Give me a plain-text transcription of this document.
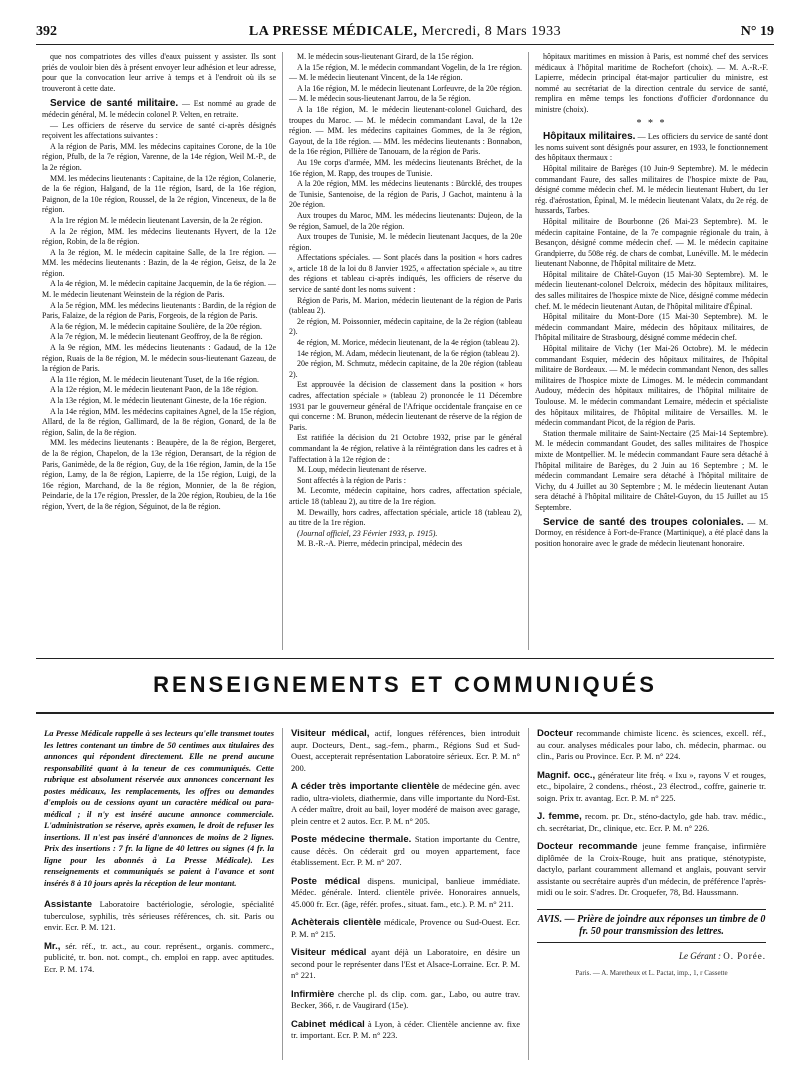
392	LA PRESSE MÉDICALE, Mercredi, 8 Mars 1933	N° 19

que nos compatriotes des villes d'eaux puissent y assister. Ils sont priés de vouloir bien dès à présent envoyer leur adhésion et leur adresse, pour que la convocation leur arrive à temps et à l'endroit où ils se trouveront à cette date.

Service de santé militaire. — Est nommé au grade de médecin général, M. le médecin colonel P. Velten, en retraite.

— Les officiers de réserve du service de santé ci-après désignés reçoivent les affectations suivantes :

A la région de Paris, MM. les médecins capitaines Corone, de la 10e région, Pfulb, de la 7e région, Varenne, de la 14e région, Weil M.-P., de la 2e région.

MM. les médecins lieutenants : Capitaine, de la 12e région, Colanerie, de la 6e région, Halgand, de la 11e région, Isard, de la 16e région, Paignon, de la 10e région, Roussel, de la 2e région, Vinceneux, de la 8e région.

A la 1re région M. le médecin lieutenant Laversin, de la 2e région.

A la 2e région, MM. les médecins lieutenants Hyvert, de la 12e région, Robin, de la 8e région.

A la 3e région, M. le médecin capitaine Salle, de la 1re région. — MM. les médecins lieutenants : Bazin, de la 4e région, Geisz, de la 2e région.

A la 4e région, M. le médecin capitaine Jacquemin, de la 6e région. — M. le médecin lieutenant Weinstein de la région de Paris.

A la 5e région, MM. les médecins lieutenants : Bardin, de la région de Paris, Falaize, de la région de Paris, Forgeois, de la région de Paris.

A la 6e région, M. le médecin capitaine Soulière, de la 20e région.

A la 7e région, M. le médecin lieutenant Geoffroy, de la 8e région.

A la 9e région, MM. les médecins lieutenants : Gadaud, de la 12e région, Ruais de la 8e région, M. le médecin sous-lieutenant Gazeau, de la région de Paris.

A la 11e région, M. le médecin lieutenant Tuset, de la 16e région.

A la 12e région, M. le médecin lieutenant Paon, de la 18e région.

A la 13e région, M. le médecin lieutenant Gineste, de la 16e région.

A la 14e région, MM. les médecins capitaines Agnel, de la 15e région, Allard, de la 8e région, Gallimard, de la 8e région, Gonard, de la 8e région, Salin, de la 8e région.

MM. les médecins lieutenants : Beaupère, de la 8e région, Bergeret, de la 8e région, Chapelon, de la 13e région, Deransart, de la région de Paris, Ganimède, de la 8e région, Guy, de la 16e région, Jamin, de la 15e région, Lamy, de la 8e région, Lapierre, de la 15e région, Luigi, de la 16e région, Marchand, de la 8e région, Monnier, de la 8e région, Peindarie, de la 17e région, Pressler, de la 20e région, Roubieu, de la 16e région, Yvert, de la 8e région, Séguinot, de la 8e région.

M. le médecin sous-lieutenant Girard, de la 15e région.

A la 15e région, M. le médecin commandant Vogelin, de la 1re région. — M. le médecin lieutenant Vincent, de la 14e région.

A la 16e région, M. le médecin lieutenant Lorfeuvre, de la 20e région. — M. le médecin sous-lieutenant Jarrou, de la 5e région.

A la 18e région, M. le médecin lieutenant-colonel Guichard, des troupes du Maroc. — M. le médecin commandant Laval, de la 12e région. — MM. les médecins capitaines Gommes, de la 3e région, Gayout, de la 18e région. — MM. les médecins lieutenants : Bonnabon, de la 16e région, Pillière de Tanouarn, de la région de Paris.

Au 19e corps d'armée, MM. les médecins lieutenants Bréchet, de la 16e région, M. Rapp, des troupes de Tunisie.

A la 20e région, MM. les médecins lieutenants : Bürcklé, des troupes de Tunisie, Santenoise, de la région de Paris, J Gachot, maintenu à la 20e région.

Aux troupes du Maroc, MM. les médecins lieutenants: Dujeon, de la 9e région, Samuel, de la 20e région.

Aux troupes de Tunisie, M. le médecin lieutenant Jacques, de la 20e région.

Affectations spéciales. — Sont placés dans la position « hors cadres », article 18 de la loi du 8 Janvier 1925, « affectation spéciale », au titre des régions et tableau ci-après indiqués, les officiers de réserve du service de santé dont les noms suivent :

Région de Paris, M. Marion, médecin lieutenant de la région de Paris (tableau 2).

2e région, M. Poissonnier, médecin capitaine, de la 2e région (tableau 2).

4e région, M. Morice, médecin lieutenant, de la 4e région (tableau 2).

14e région, M. Adam, médecin lieutenant, de la 6e région (tableau 2).

20e région, M. Schmutz, médecin capitaine, de la 20e région (tableau 2).

Est approuvée la décision de classement dans la position « hors cadres, affectation spéciale » (tableau 2) prononcée le 11 Décembre 1931 par le gouverneur général de l'Afrique occidentale française en ce qui concerne : M. Brunon, médecin lieutenant de réserve de la région de Paris.

Est ratifiée la décision du 21 Octobre 1932, prise par le général commandant la 4e région, relative à la réintégration dans les cadres et à l'affectation à la 12e région de :

M. Loup, médecin lieutenant de réserve.

Sont affectés à la région de Paris :

M. Lecomte, médecin capitaine, hors cadres, affectation spéciale, article 18 (tableau 2), au titre de la 1re région.

M. Dewailly, hors cadres, affectation spéciale, article 18 (tableau 2), au titre de la 1re région.

(Journal officiel, 23 Février 1933, p. 1915).

M. B.-R.-A. Pierre, médecin principal, médecin des

hôpitaux maritimes en mission à Paris, est nommé chef des services médicaux à l'hôpital maritime de Rochefort (choix). — M. A.-R.-F. Lapierre, médecin principal état-major particulier du ministre, est nommé au secrétariat de la direction centrale du service de santé, remplira en même temps les fonctions d'officier d'ordonnance du ministre (choix).

* * *

Hôpitaux militaires. — Les officiers du service de santé dont les noms suivent sont désignés pour assurer, en 1933, le fonctionnement des hôpitaux thermaux :

Hôpital militaire de Barèges (10 Juin-9 Septembre). M. le médecin commandant Faure, des salles militaires de l'hospice mixte de Pau, désigné comme médecin chef. M. le médecin lieutenant Hubert, du 1er rég. d'aérostation, Épinal, M. le médecin lieutenant Valatx, du 2e rég. de hussards, Tarbes.

Hôpital militaire de Bourbonne (26 Mai-23 Septembre). M. le médecin capitaine Fontaine, de la 7e compagnie régionale du train, à Besançon, désigné comme médecin chef. — M. le médecin capitaine Grandpierre, du 508e rég. de chars de combat, Lunéville. M. le médecin lieutenant Nabonne, de l'hôpital militaire de Metz.

Hôpital militaire de Châtel-Guyon (15 Mai-30 Septembre). M. le médecin lieutenant-colonel Delcroix, médecin des hôpitaux militaires, des salles militaires de l'hospice mixte de Nice, désigné comme médecin chef. M. le médecin lieutenant Autan, de l'hôpital militaire d'Épinal.

Hôpital militaire du Mont-Dore (15 Mai-30 Septembre). M. le médecin commandant Maire, médecin des hôpitaux militaires, de l'hôpital militaire de Strasbourg, désigné comme médecin chef.

Hôpital militaire de Vichy (1er Mai-26 Octobre). M. le médecin commandant Esquier, médecin des hôpitaux militaires, de l'hôpital militaire de Bordeaux. — M. le médecin commandant Nenon, des salles militaires de l'hospice mixte de Limoges. M. le médecin commandant Audouy, médecin des hôpitaux militaires, de l'hôpital militaire de Toulouse. M. le médecin commandant Lemaire, médecin et spécialiste des hôpitaux militaires, de l'hôpital militaire de Versailles. M. le médecin commandant Picot, de la région de Paris.

Station thermale militaire de Saint-Nectaire (25 Mai-14 Septembre). M. le médecin commandant Goudet, des salles militaires de l'hospice mixte de Montpellier. M. le médecin commandant Faure sera détaché à l'hôpital militaire de Barèges, du 2 Juin au 16 Septembre ; M. le médecin commandant Lemaire sera détaché à l'hôpital militaire de Vichy, du 4 Juillet au 30 Septembre ; M. le médecin lieutenant Autan sera détaché à l'hôpital militaire de Châtel-Guyon, du 15 Juillet au 15 Septembre.

Service de santé des troupes coloniales. — M. Dormoy, en résidence à Fort-de-France (Martinique), a été placé dans la position honoraire avec le grade de médecin lieutenant honoraire.

RENSEIGNEMENTS ET COMMUNIQUÉS

La Presse Médicale rappelle à ses lecteurs qu'elle transmet toutes les lettres contenant un timbre de 50 centimes aux titulaires des annonces qui répondent directement. Elle ne prend aucune responsabilité quant à la teneur de ces communiqués. Cette rubrique est absolument réservée aux annonces concernant les postes médicaux, les remplacements, les offres ou demandes d'emplois ou de cessions ayant un caractère médical ou para-médical ; il n'y est inséré aucune annonce commerciale. L'administration se réserve, après examen, le droit de refuser les insertions. Il n'est pas inséré d'annonces de moins de 2 lignes. Prix des insertions : 7 fr. la ligne de 40 lettres ou signes (4 fr. la ligne pour les abonnés à La Presse Médicale). Les renseignements et communiqués se paient à l'avance et sont insérés 8 à 10 jours après la réception de leur montant.

Assistante Laboratoire bactériologie, sérologie, spécialité tuberculose, syphilis, très sérieuses références, ch. sit. Paris ou envir. Ecr. P. M. 121.

Mr., sér. réf., tr. act., au cour. représent., organis. commerc., publicité, tr. bon. not. compt., ch. emploi en rapp. avec aptitudes. Ecr. P. M. 174.

Visiteur médical, actif, longues références, bien introduit aupr. Docteurs, Dent., sag.-fem., pharm., Régions Sud et Sud-Ouest, accepterait représentation Laboratoire sérieux. Ecr. P. M. n° 200.

A céder très importante clientèle de médecine gén. avec radio, ultra-violets, diathermie, dans ville importante du Nord-Est. A céder maître, droit au bail, loyer modéré de maison avec garage, plein centre et 2 autos. Ecr. P. M. n° 205.

Poste médecine thermale. Station importante du Centre, cause décès. On céderait grd ou moyen appartement, face établissement. Ecr. P. M. n° 207.

Poste médical dispens. municipal, banlieue immédiate. Médec. générale. Interd. clientèle privée. Honoraires annuels, 45.000 fr. Ecr. (âge, référ. profes., situat. fam., etc.). P. M. n° 211.

Achèterais clientèle médicale, Provence ou Sud-Ouest. Ecr. P. M. n° 215.

Visiteur médical ayant déjà un Laboratoire, en désire un second pour le représenter dans l'Est et Alsace-Lorraine. Ecr. P. M. n° 221.

Infirmière cherche pl. ds clip. com. gar., Labo, ou autre trav. Becker, 366, r. de Vaugirard (15e).

Cabinet médical à Lyon, à céder. Clientèle ancienne av. fixe tr. important. Ecr. P. M. n° 223.

Docteur recommande chimiste licenc. ès sciences, excell. réf., au cour. analyses médicales pour labo, ch. médecin, pharmac. ou clin., Paris ou Province. Ecr. P. M. n° 224.

Magnif. occ., générateur lite fréq. « Ixu », rayons V et rouges, etc., bipolaire, 2 condens., rhéost., 23 électrod., coffre, gainerie tr. soign. Prix tr. avantag. Ecr. P. M. n° 225.

J. femme, recom. pr. Dr., sténo-dactylo, gde hab. trav. médic., ch. secrétariat, Dr., clinique, etc. Ecr. P. M. n° 226.

Docteur recommande jeune femme française, infirmière diplômée de la Croix-Rouge, huit ans pratique, sténotypiste, dactylo, parlant couramment allemand et anglais, pouvant servir assistante ou secrétaire auprès d'un médecin, de préférence l'après-midi ou le soir. S'adres. Dr. Croquefer, 78, Bd. Haussmann.

AVIS. — Prière de joindre aux réponses un timbre de 0 fr. 50 pour transmission des lettres.
Le Gérant : O. Porée.
Paris. — A. Maretheux et L. Pactat, imp., 1, r Cassette
